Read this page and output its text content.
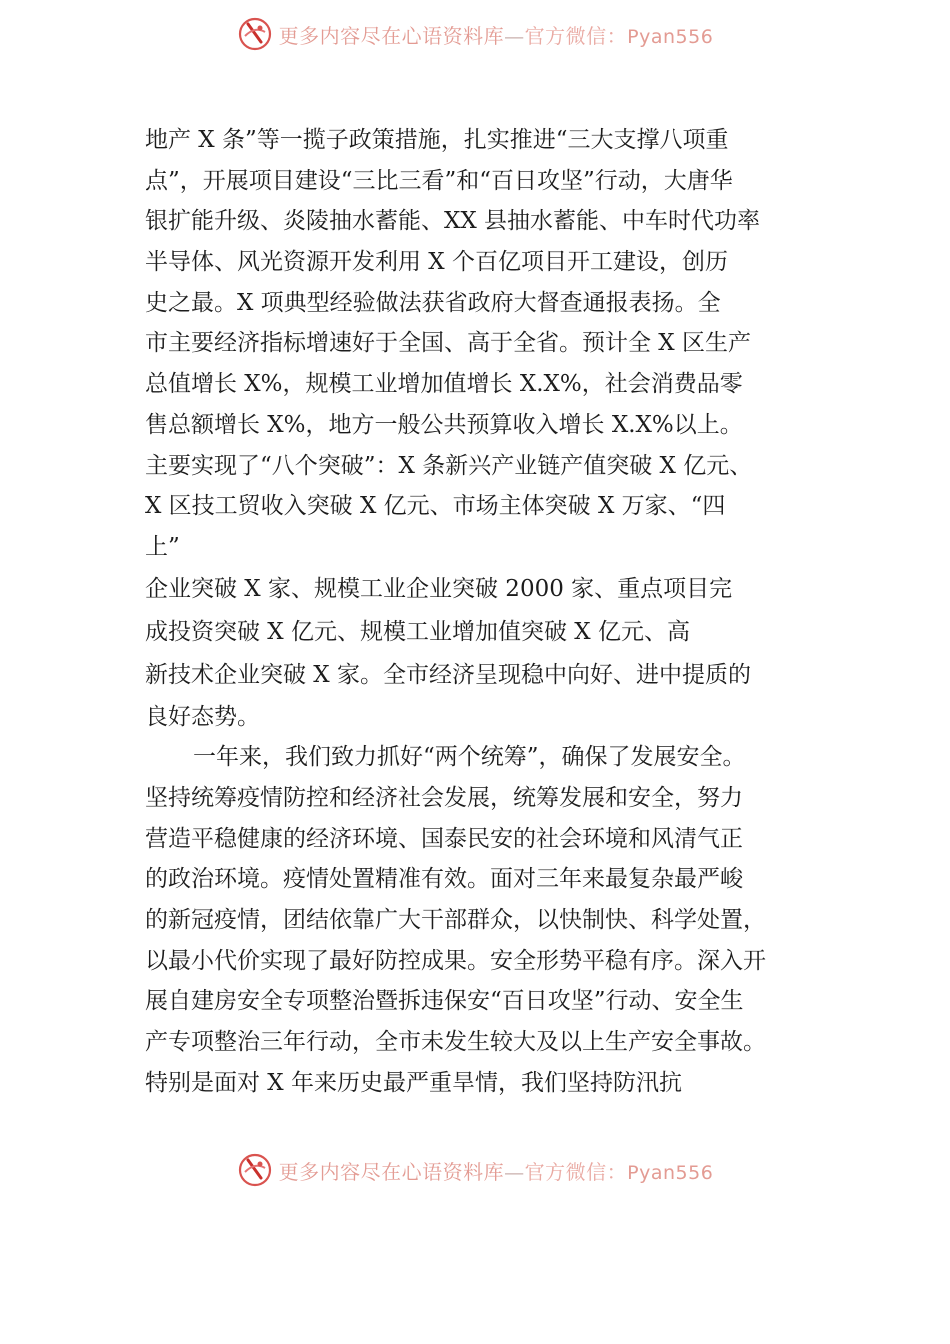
更多内容尽在心语资料库—官方微信：Pyan556
地产 X 条”等一揽子政策措施，扎实推进“三大支撑八项重
点”，开展项目建设“三比三看”和“百日攻坚”行动，大唐华
银扩能升级、炎陵抽水蓄能、XX 县抽水蓄能、中车时代功率
半导体、风光资源开发利用 X 个百亿项目开工建设，创历
史之最。X 项典型经验做法获省政府大督查通报表扬。全
市主要经济指标增速好于全国、高于全省。预计全 X 区生产
总值增长 X%，规模工业增加值增长 X.X%，社会消费品零
售总额增长 X%，地方一般公共预算收入增长 X.X%以上。
主要实现了“八个突破”：X 条新兴产业链产值突破 X 亿元、
X 区技工贸收入突破 X 亿元、市场主体突破 X 万家、“四
上”
企业突破 X 家、规模工业企业突破 2000 家、重点项目完
成投资突破 X 亿元、规模工业增加值突破 X 亿元、高
新技术企业突破 X 家。全市经济呈现稳中向好、进中提质的
良好态势。
一年来，我们致力抓好“两个统筹”，确保了发展安全。
坚持统筹疫情防控和经济社会发展，统筹发展和安全，努力
营造平稳健康的经济环境、国泰民安的社会环境和风清气正
的政治环境。疫情处置精准有效。面对三年来最复杂最严峻
的新冠疫情，团结依靠广大干部群众，以快制快、科学处置，
以最小代价实现了最好防控成果。安全形势平稳有序。深入开
展自建房安全专项整治暨拆违保安“百日攻坚”行动、安全生
产专项整治三年行动，全市未发生较大及以上生产安全事故。
特别是面对 X 年来历史最严重旱情，我们坚持防汛抗
更多内容尽在心语资料库—官方微信：Pyan556
